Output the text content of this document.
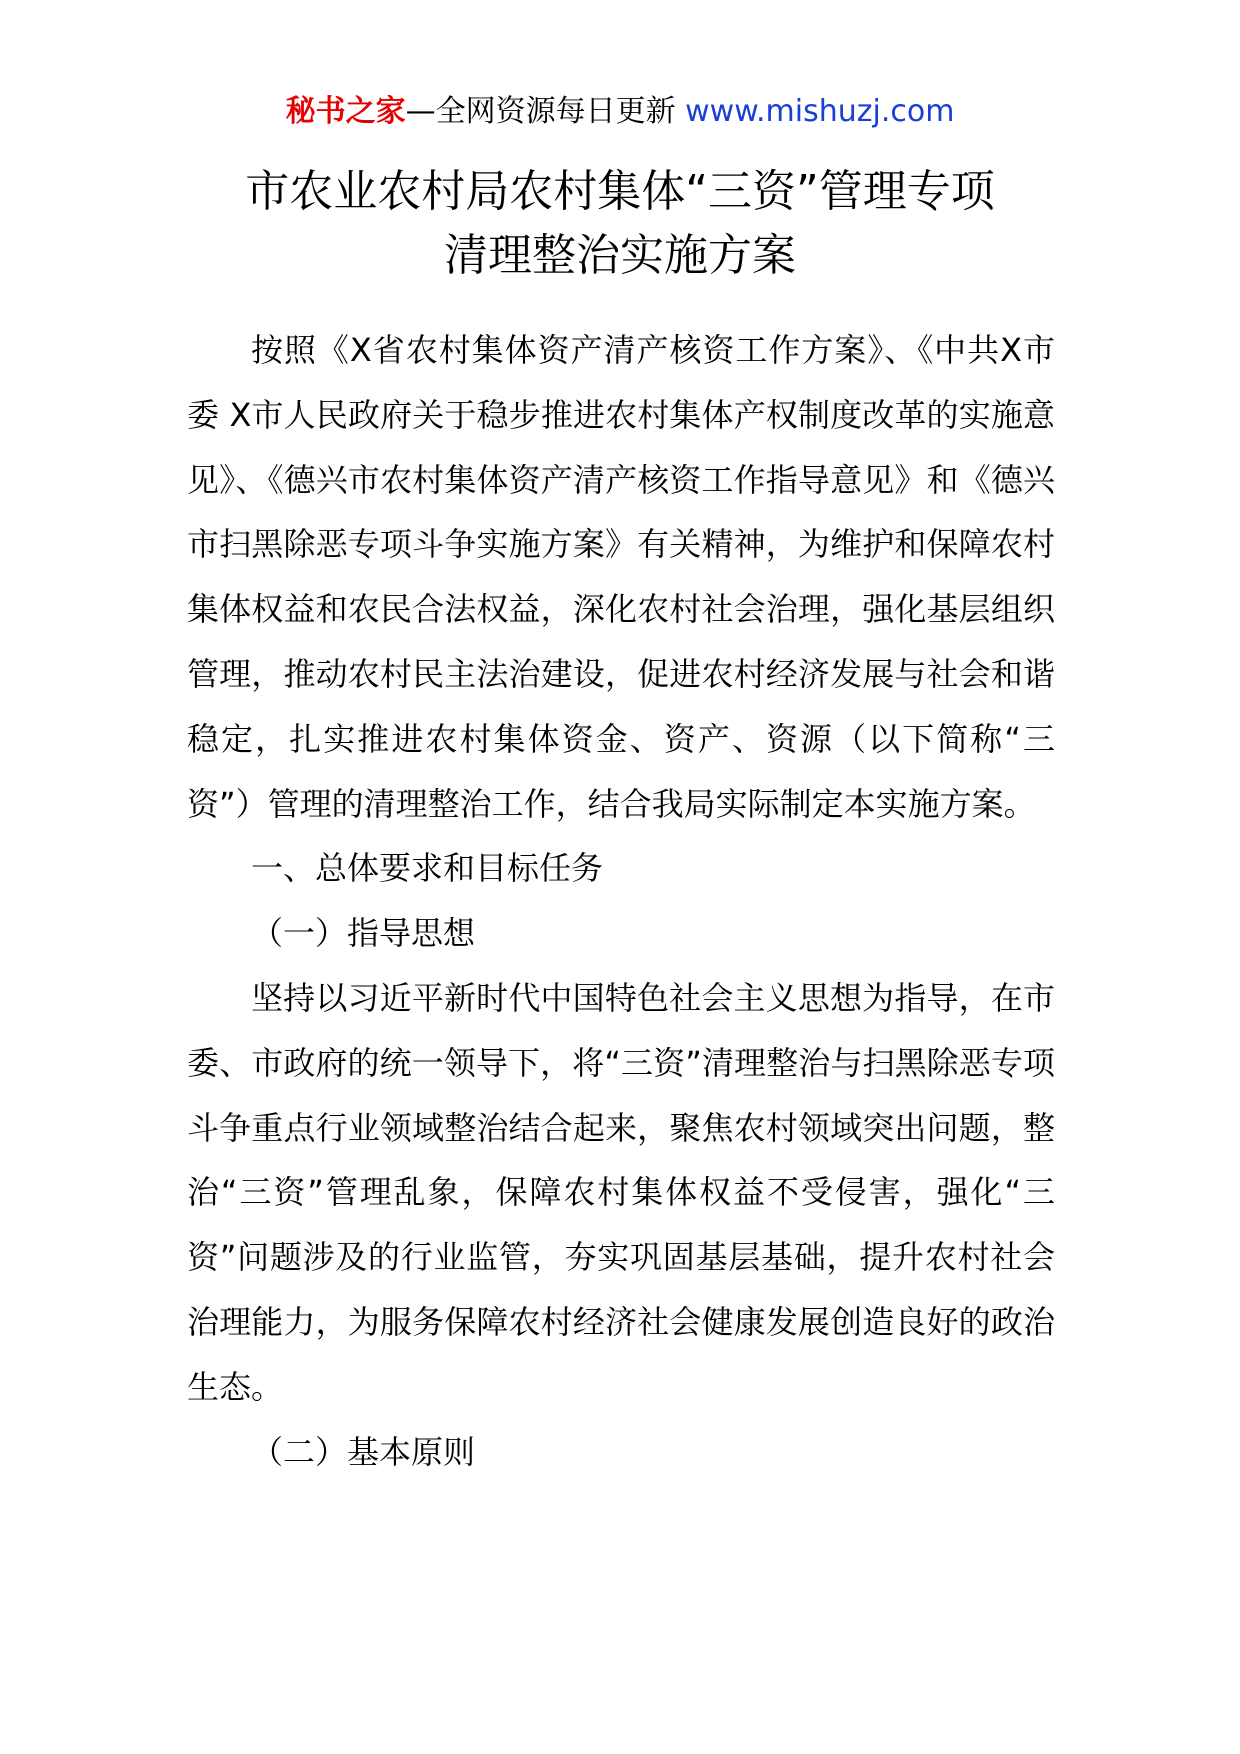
秘书之家—全网资源每日更新 www.mishuzj.com
市农业农村局农村集体“三资”管理专项
清理整治实施方案

按照《X省农村集体资产清产核资工作方案》、《中共X市委 X市人民政府关于稳步推进农村集体产权制度改革的实施意见》、《德兴市农村集体资产清产核资工作指导意见》和《德兴市扫黑除恶专项斗争实施方案》有关精神，为维护和保障农村集体权益和农民合法权益，深化农村社会治理，强化基层组织管理，推动农村民主法治建设，促进农村经济发展与社会和谐稳定，扎实推进农村集体资金、资产、资源（以下简称“三资”）管理的清理整治工作，结合我局实际制定本实施方案。

一、总体要求和目标任务

（一）指导思想

坚持以习近平新时代中国特色社会主义思想为指导，在市委、市政府的统一领导下，将“三资”清理整治与扫黑除恶专项斗争重点行业领域整治结合起来，聚焦农村领域突出问题，整治“三资”管理乱象，保障农村集体权益不受侵害，强化“三资”问题涉及的行业监管，夯实巩固基层基础，提升农村社会治理能力，为服务保障农村经济社会健康发展创造良好的政治生态。

（二）基本原则
